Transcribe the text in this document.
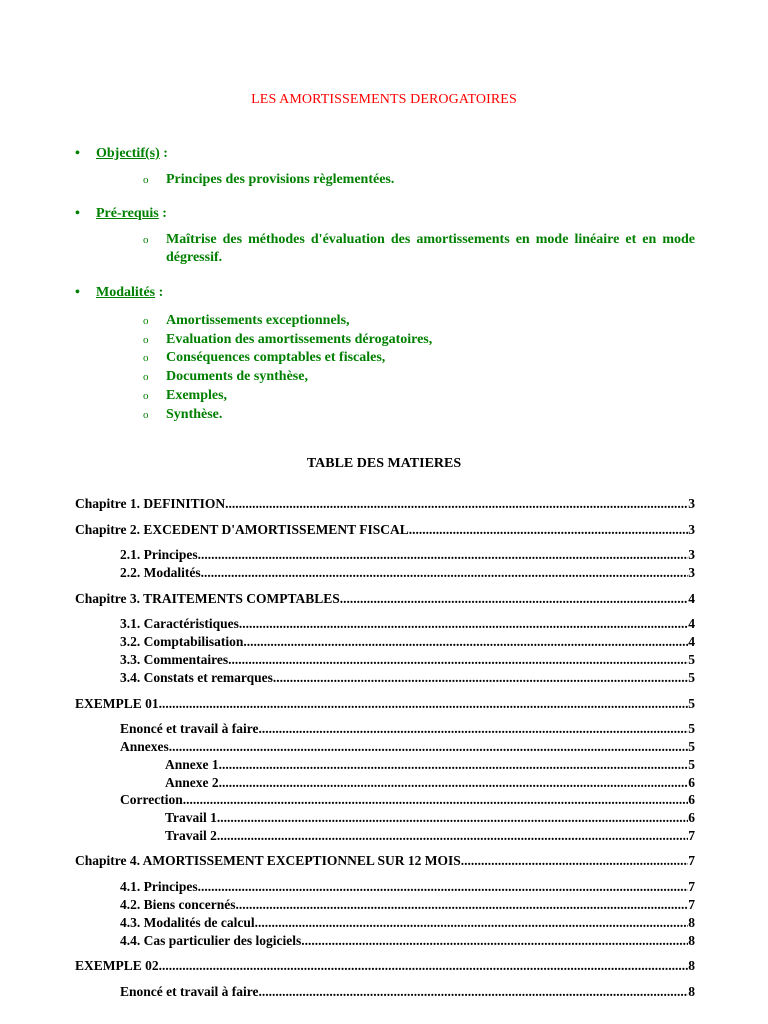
LES AMORTISSEMENTS DEROGATOIRES
• Objectif(s) :
o Principes des provisions règlementées.
• Pré-requis :
o Maîtrise des méthodes d'évaluation des amortissements en mode linéaire et en mode dégressif.
• Modalités :
o Amortissements exceptionnels,
o Evaluation des amortissements dérogatoires,
o Conséquences comptables et fiscales,
o Documents de synthèse,
o Exemples,
o Synthèse.
TABLE DES MATIERES
Chapitre 1. DEFINITION. .....	3
Chapitre 2. EXCEDENT D'AMORTISSEMENT FISCAL. .....	3
2.1. Principes. .....	3
2.2. Modalités. .....	3
Chapitre 3. TRAITEMENTS COMPTABLES .....	4
3.1. Caractéristiques. .....	4
3.2. Comptabilisation. .....	4
3.3. Commentaires. .....	5
3.4. Constats et remarques. .....	5
EXEMPLE 01. .....	5
Enoncé et travail à faire. .....	5
Annexes. .....	5
Annexe 1. .....	5
Annexe 2. .....	6
Correction. .....	6
Travail 1. .....	6
Travail 2. .....	7
Chapitre 4. AMORTISSEMENT EXCEPTIONNEL SUR 12 MOIS. .....	7
4.1. Principes. .....	7
4.2. Biens concernés. .....	7
4.3. Modalités de calcul. .....	8
4.4. Cas particulier des logiciels. .....	8
EXEMPLE 02. .....	8
Enoncé et travail à faire. .....	8
